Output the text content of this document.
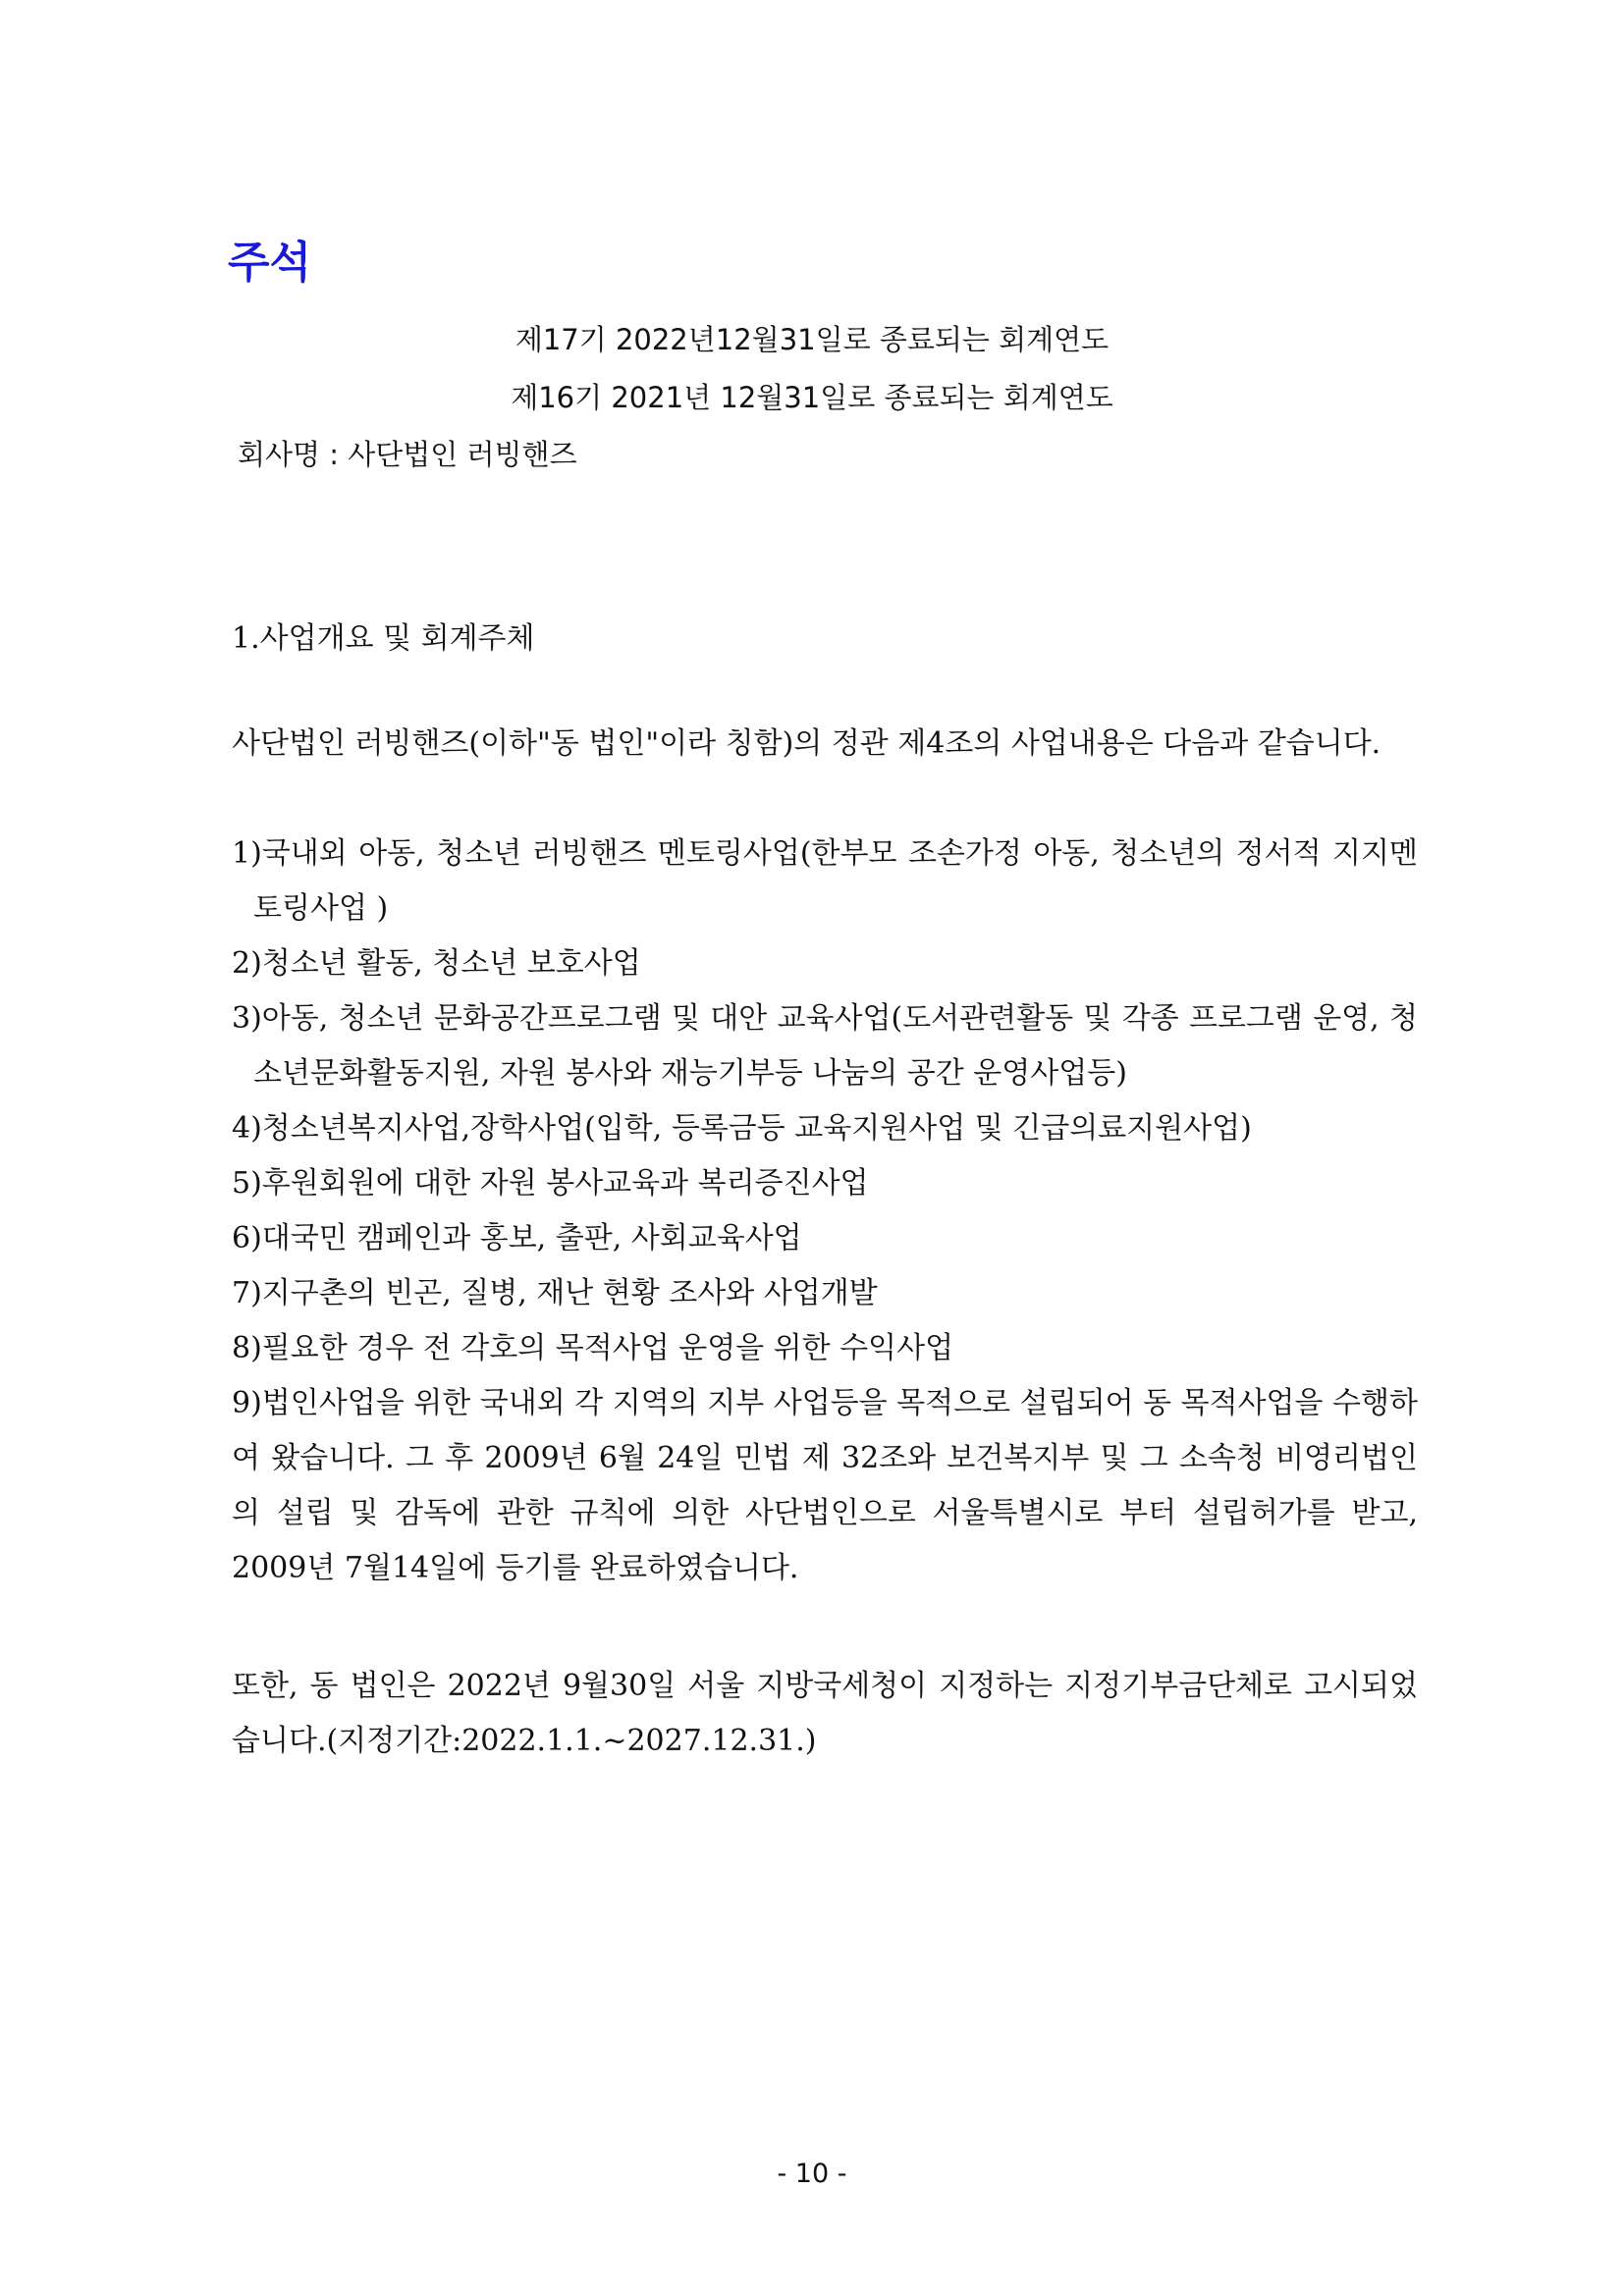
주석
제17기 2022년12월31일로 종료되는 회계연도
제16기 2021년 12월31일로 종료되는 회계연도
회사명 : 사단법인 러빙핸즈
1.사업개요 및 회계주체
사단법인 러빙핸즈(이하"동 법인"이라 칭함)의 정관 제4조의 사업내용은 다음과 같습니다.
1)국내외 아동, 청소년 러빙핸즈 멘토링사업(한부모 조손가정 아동, 청소년의 정서적 지지멘토링사업 )
2)청소년 활동, 청소년 보호사업
3)아동, 청소년 문화공간프로그램 및 대안 교육사업(도서관련활동 및 각종 프로그램 운영, 청소년문화활동지원, 자원 봉사와 재능기부등 나눔의 공간 운영사업등)
4)청소년복지사업,장학사업(입학, 등록금등 교육지원사업 및 긴급의료지원사업)
5)후원회원에 대한 자원 봉사교육과 복리증진사업
6)대국민 캠페인과 홍보, 출판, 사회교육사업
7)지구촌의 빈곤, 질병, 재난 현황 조사와 사업개발
8)필요한 경우 전 각호의 목적사업 운영을 위한 수익사업
9)법인사업을 위한 국내외 각 지역의 지부 사업등을 목적으로 설립되어 동 목적사업을 수행하여 왔습니다. 그 후 2009년 6월 24일 민법 제 32조와 보건복지부 및 그 소속청 비영리법인의 설립 및 감독에 관한 규칙에 의한 사단법인으로 서울특별시로 부터 설립허가를 받고, 2009년 7월14일에 등기를 완료하였습니다.
또한, 동 법인은 2022년 9월30일 서울 지방국세청이 지정하는 지정기부금단체로 고시되었습니다.(지정기간:2022.1.1.~2027.12.31.)
- 10 -
